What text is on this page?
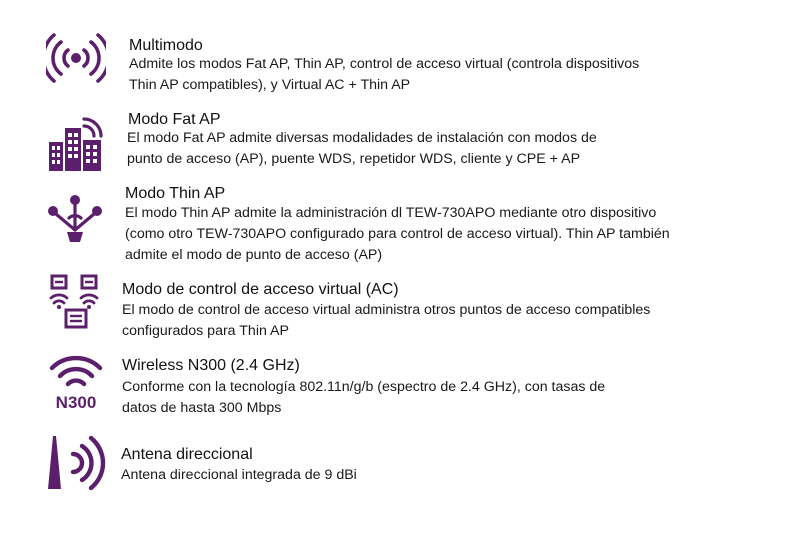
Multimodo
Admite los modos Fat AP, Thin AP, control de acceso virtual (controla dispositivos
Thin AP compatibles), y Virtual AC + Thin AP
Modo Fat AP
El modo Fat AP admite diversas modalidades de instalación con modos de
punto de acceso (AP), puente WDS, repetidor WDS, cliente y CPE + AP
Modo Thin AP
El modo Thin AP admite la administración dl TEW-730APO mediante otro dispositivo
(como otro TEW-730APO configurado para control de acceso virtual). Thin AP también
admite el modo de punto de acceso (AP)
Modo de control de acceso virtual (AC)
El modo de control de acceso virtual administra otros puntos de acceso compatibles
configurados para Thin AP
N300
Wireless N300 (2.4 GHz)
Conforme con la tecnología 802.11n/g/b (espectro de 2.4 GHz), con tasas de
datos de hasta 300 Mbps
Antena direccional
Antena direccional integrada de 9 dBi
